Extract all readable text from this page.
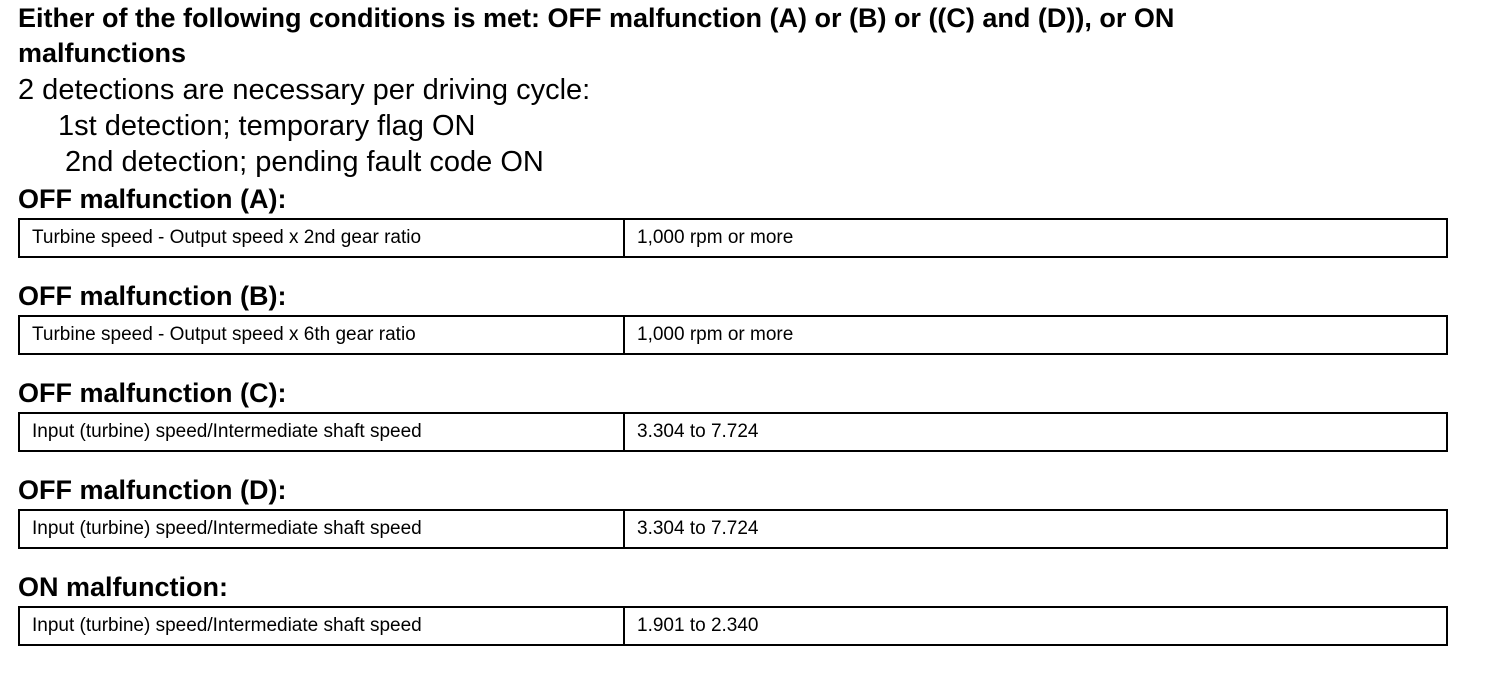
Either of the following conditions is met: OFF malfunction (A) or (B) or ((C) and (D)), or ON malfunctions

2 detections are necessary per driving cycle:

1st detection; temporary flag ON

2nd detection; pending fault code ON

OFF malfunction (A):

Turbine speed - Output speed x 2nd gear ratio	1,000 rpm or more

OFF malfunction (B):

Turbine speed - Output speed x 6th gear ratio	1,000 rpm or more

OFF malfunction (C):

Input (turbine) speed/Intermediate shaft speed	3.304 to 7.724

OFF malfunction (D):

Input (turbine) speed/Intermediate shaft speed	3.304 to 7.724

ON malfunction:

Input (turbine) speed/Intermediate shaft speed	1.901 to 2.340
